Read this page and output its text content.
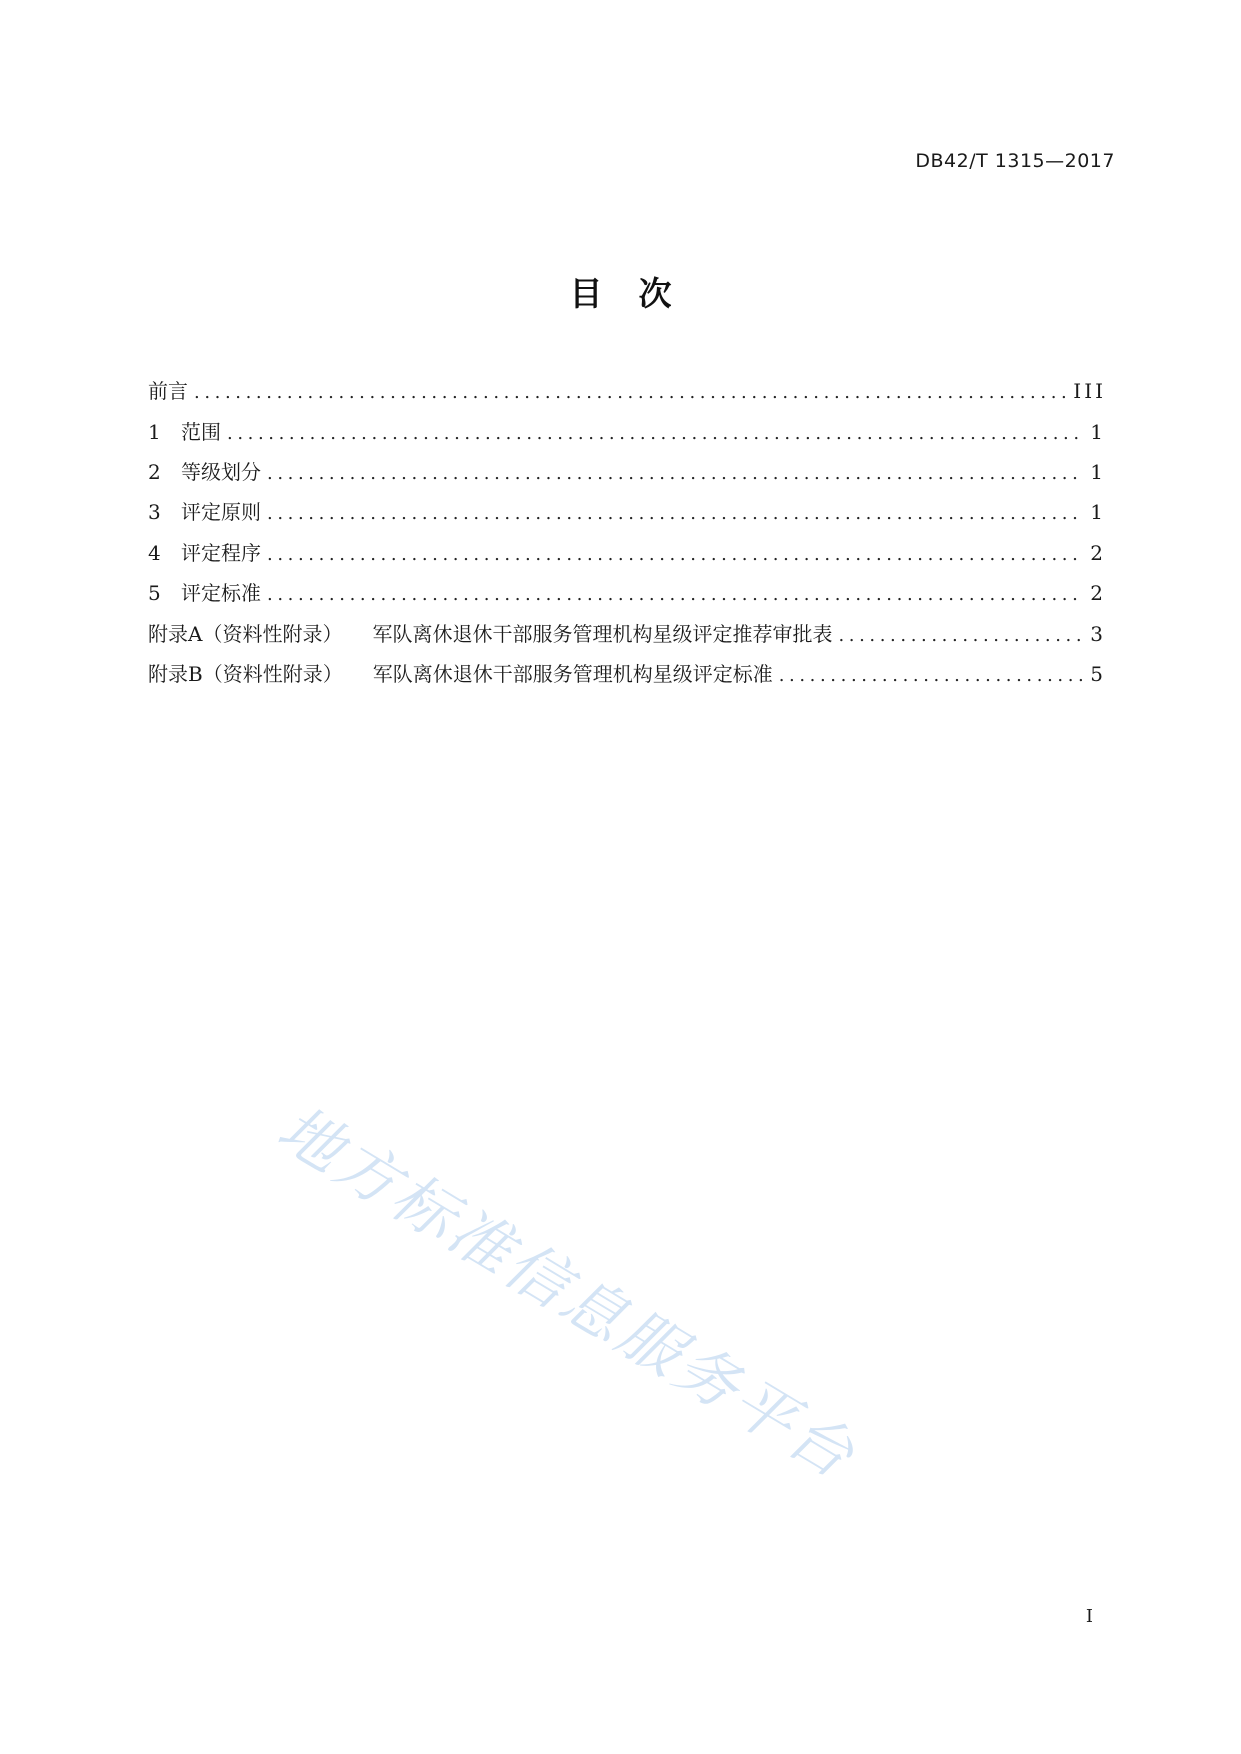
DB42/T 1315—2017
目次
前言 .....	III
1	范围 .....	1
2	等级划分 .....	1
3	评定原则 .....	1
4	评定程序 .....	2
5	评定标准 .....	2
附录A（资料性附录） 军队离休退休干部服务管理机构星级评定推荐审批表 .....	3
附录B（资料性附录） 军队离休退休干部服务管理机构星级评定标准 .....	5
地方标准信息服务平台
I
